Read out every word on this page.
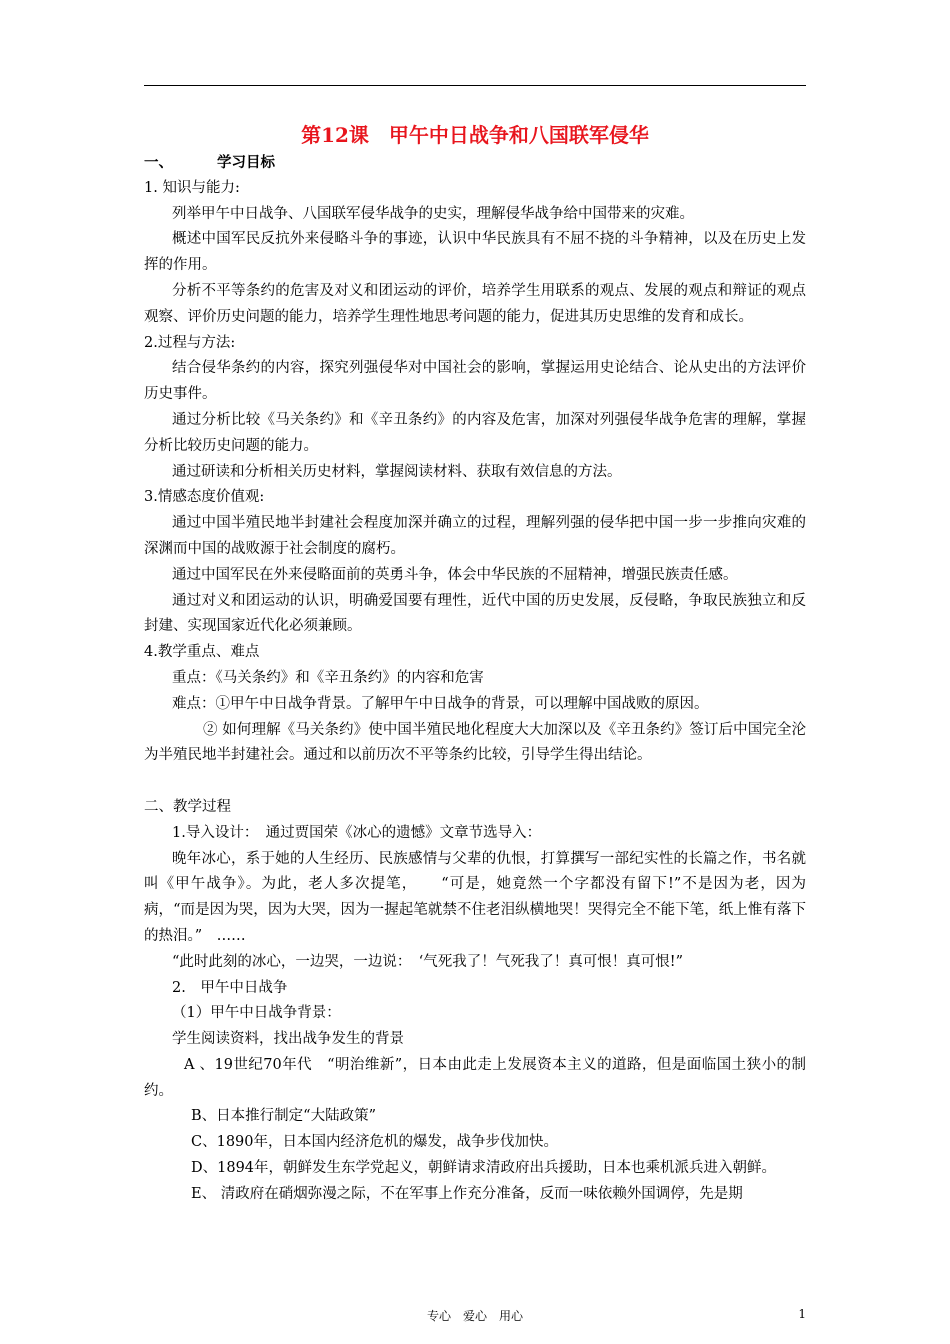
第12课　甲午中日战争和八国联军侵华

一、	学习目标

1. 知识与能力:

列举甲午中日战争、八国联军侵华战争的史实，理解侵华战争给中国带来的灾难。

概述中国军民反抗外来侵略斗争的事迹，认识中华民族具有不屈不挠的斗争精神，以及在历史上发挥的作用。

分析不平等条约的危害及对义和团运动的评价，培养学生用联系的观点、发展的观点和辩证的观点观察、评价历史问题的能力，培养学生理性地思考问题的能力，促进其历史思维的发育和成长。

2.过程与方法:

结合侵华条约的内容，探究列强侵华对中国社会的影响，掌握运用史论结合、论从史出的方法评价历史事件。

通过分析比较《马关条约》和《辛丑条约》的内容及危害，加深对列强侵华战争危害的理解，掌握分析比较历史问题的能力。

通过研读和分析相关历史材料，掌握阅读材料、获取有效信息的方法。

3.情感态度价值观:

通过中国半殖民地半封建社会程度加深并确立的过程，理解列强的侵华把中国一步一步推向灾难的深渊而中国的战败源于社会制度的腐朽。

通过中国军民在外来侵略面前的英勇斗争，体会中华民族的不屈精神，增强民族责任感。

通过对义和团运动的认识，明确爱国要有理性，近代中国的历史发展，反侵略，争取民族独立和反封建、实现国家近代化必须兼顾。

4.教学重点、难点

重点：《马关条约》和《辛丑条约》的内容和危害

难点：①甲午中日战争背景。了解甲午中日战争的背景，可以理解中国战败的原因。

② 如何理解《马关条约》使中国半殖民地化程度大大加深以及《辛丑条约》签订后中国完全沦为半殖民地半封建社会。通过和以前历次不平等条约比较，引导学生得出结论。

二、教学过程

1.导入设计：　通过贾国荣《冰心的遗憾》文章节选导入：

晚年冰心，系于她的人生经历、民族感情与父辈的仇恨，打算撰写一部纪实性的长篇之作，书名就叫《甲午战争》。为此，老人多次提笔，　　“可是，她竟然一个字都没有留下!”不是因为老，因为病，“而是因为哭，因为大哭，因为一握起笔就禁不住老泪纵横地哭！哭得完全不能下笔，纸上惟有落下的热泪。”　……

“此时此刻的冰心，一边哭，一边说：　‘气死我了！气死我了！真可恨！真可恨!”

2.　甲午中日战争

（1）甲午中日战争背景：

学生阅读资料，找出战争发生的背景

A 、19世纪70年代　“明治维新”，日本由此走上发展资本主义的道路，但是面临国土狭小的制约。

B、日本推行制定“大陆政策”

C、1890年，日本国内经济危机的爆发，战争步伐加快。

D、1894年，朝鲜发生东学党起义，朝鲜请求清政府出兵援助，日本也乘机派兵进入朝鲜。

E、 清政府在硝烟弥漫之际，不在军事上作充分准备，反而一味依赖外国调停，先是期

专心　爱心　用心	1
